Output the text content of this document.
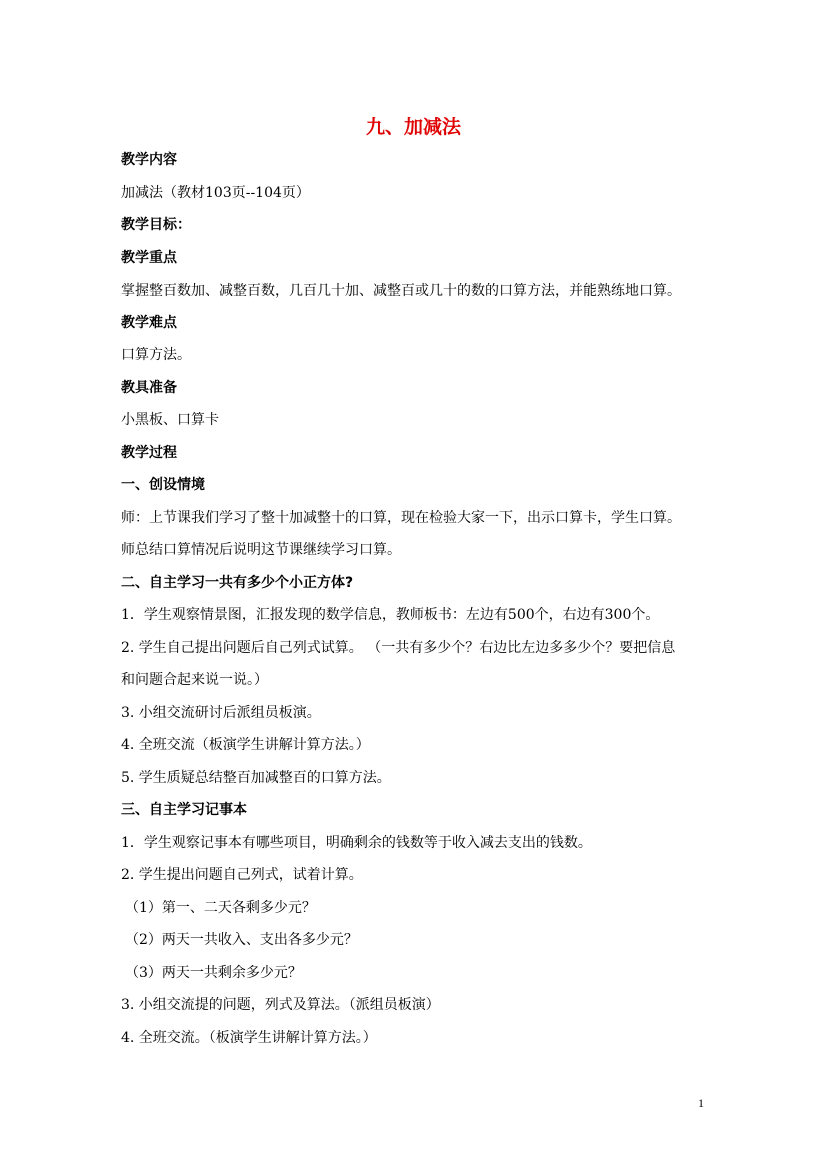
九、加减法
教学内容
加减法（教材103页--104页）
教学目标：
教学重点
掌握整百数加、减整百数，几百几十加、减整百或几十的数的口算方法，并能熟练地口算。
教学难点
口算方法。
教具准备
小黑板、口算卡
教学过程
一、创设情境
师：上节课我们学习了整十加减整十的口算，现在检验大家一下，出示口算卡，学生口算。
师总结口算情况后说明这节课继续学习口算。
二、自主学习一共有多少个小正方体?
1．学生观察情景图，汇报发现的数学信息，教师板书：左边有500个，右边有300个。
2. 学生自己提出问题后自己列式试算。 （一共有多少个？右边比左边多多少个？要把信息
和问题合起来说一说。）
3. 小组交流研讨后派组员板演。
4. 全班交流（板演学生讲解计算方法。）
5. 学生质疑总结整百加减整百的口算方法。
三、自主学习记事本
1．学生观察记事本有哪些项目，明确剩余的钱数等于收入减去支出的钱数。
2. 学生提出问题自己列式，试着计算。
（1）第一、二天各剩多少元？
（2）两天一共收入、支出各多少元？
（3）两天一共剩余多少元？
3. 小组交流提的问题，列式及算法。（派组员板演）
4. 全班交流。（板演学生讲解计算方法。）
1
